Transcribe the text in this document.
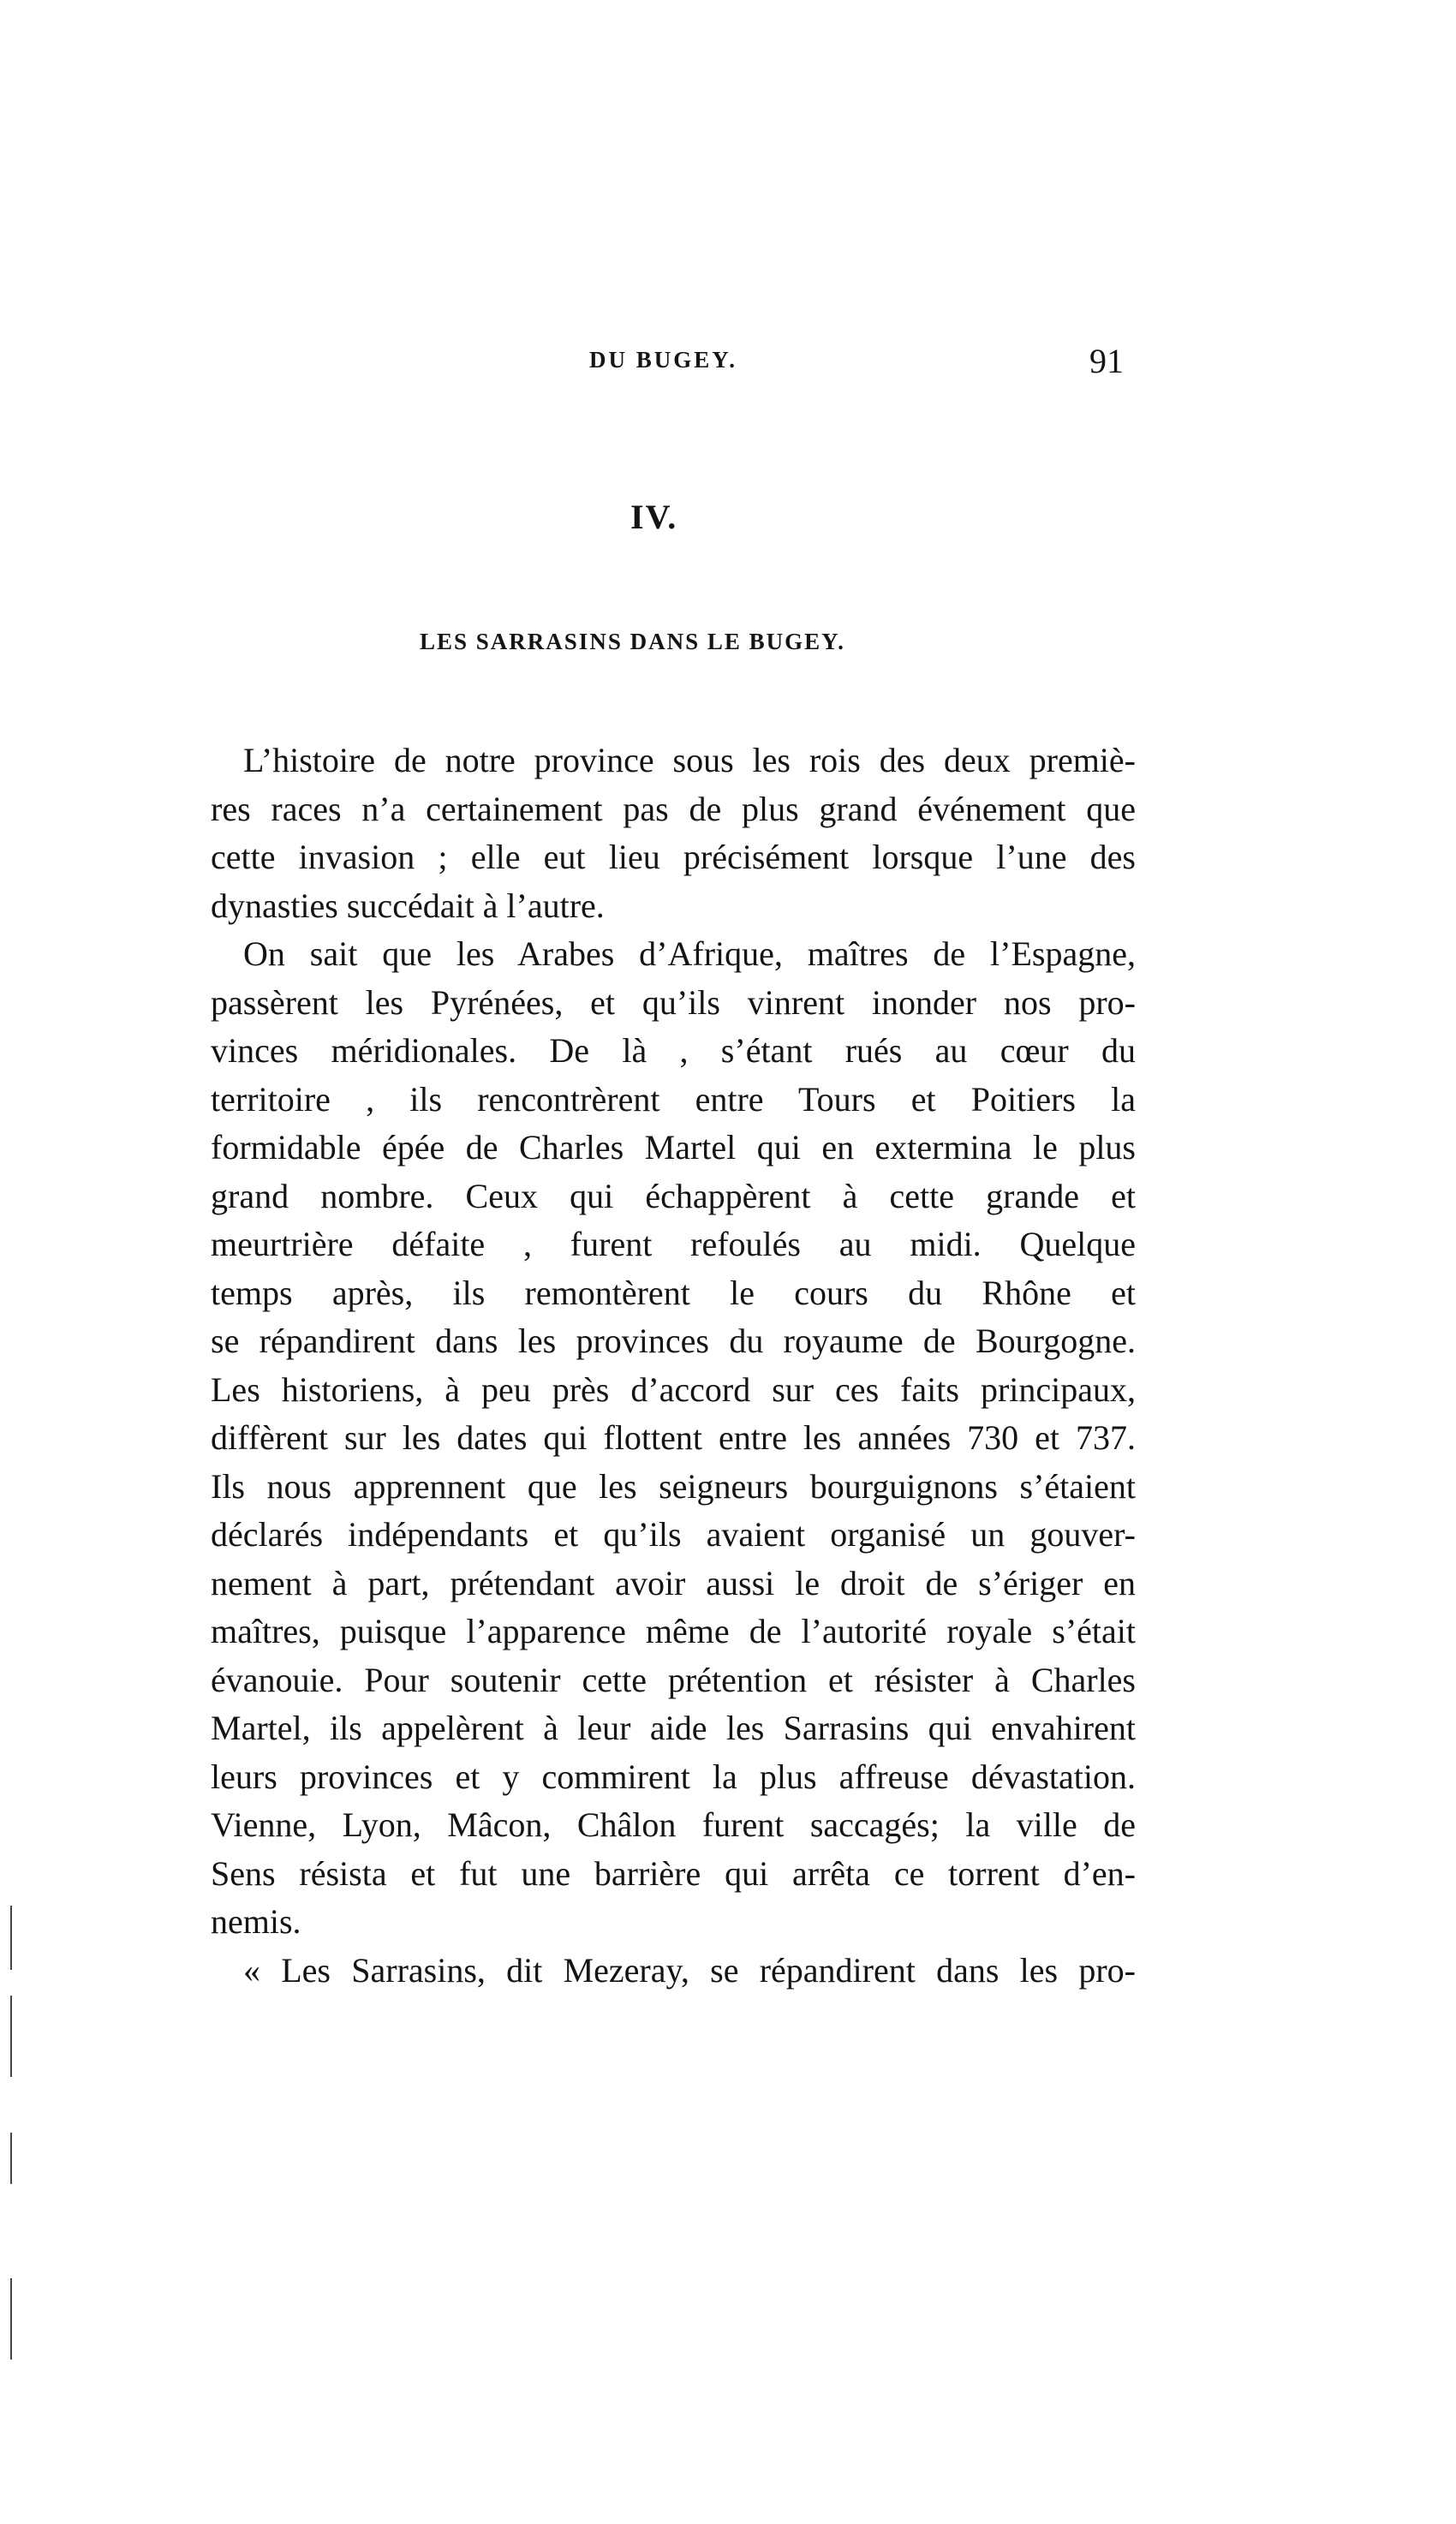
DU BUGEY.	91
IV.
LES SARRASINS DANS LE BUGEY.
L’histoire de notre province sous les rois des deux premiè-
res races n’a certainement pas de plus grand événement que
cette invasion ; elle eut lieu précisément lorsque l’une des
dynasties succédait à l’autre.
On sait que les Arabes d’Afrique, maîtres de l’Espagne,
passèrent les Pyrénées, et qu’ils vinrent inonder nos pro-
vinces méridionales. De là , s’étant rués au cœur du
territoire , ils rencontrèrent entre Tours et Poitiers la
formidable épée de Charles Martel qui en extermina le plus
grand nombre. Ceux qui échappèrent à cette grande et
meurtrière défaite , furent refoulés au midi. Quelque
temps après, ils remontèrent le cours du Rhône et
se répandirent dans les provinces du royaume de Bourgogne.
Les historiens, à peu près d’accord sur ces faits principaux,
diffèrent sur les dates qui flottent entre les années 730 et 737.
Ils nous apprennent que les seigneurs bourguignons s’étaient
déclarés indépendants et qu’ils avaient organisé un gouver-
nement à part, prétendant avoir aussi le droit de s’ériger en
maîtres, puisque l’apparence même de l’autorité royale s’était
évanouie. Pour soutenir cette prétention et résister à Charles
Martel, ils appelèrent à leur aide les Sarrasins qui envahirent
leurs provinces et y commirent la plus affreuse dévastation.
Vienne, Lyon, Mâcon, Châlon furent saccagés; la ville de
Sens résista et fut une barrière qui arrêta ce torrent d’en-
nemis.
« Les Sarrasins, dit Mezeray, se répandirent dans les pro-
